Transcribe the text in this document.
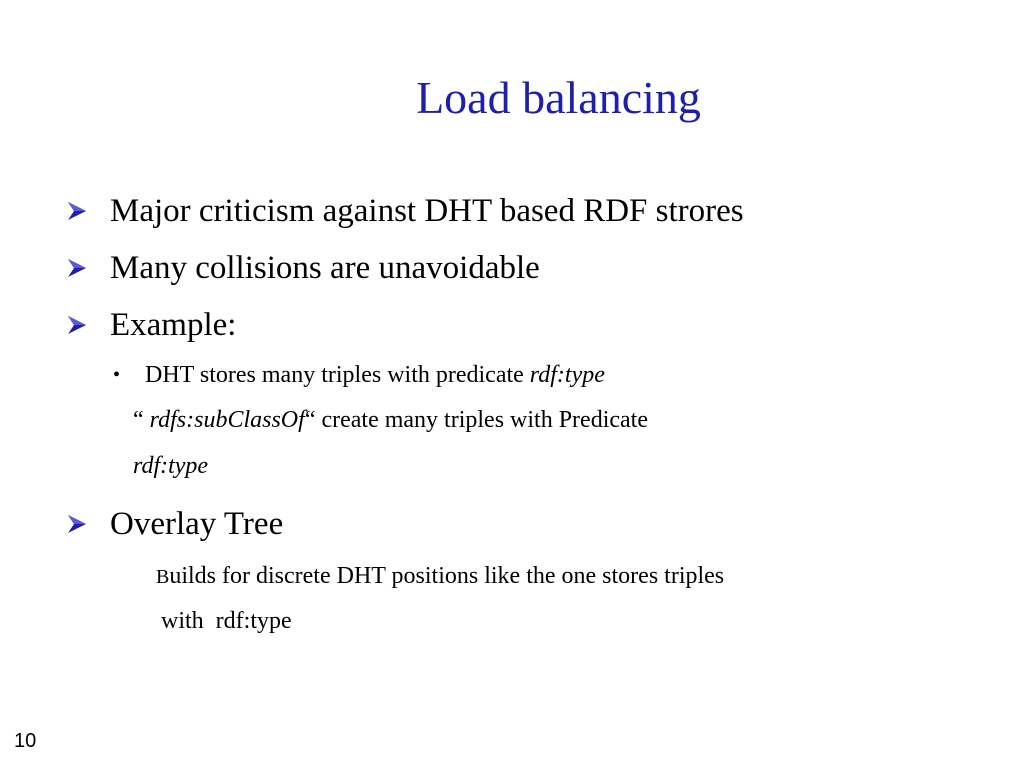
Load balancing
Major criticism against DHT based RDF strores
Many collisions are unavoidable
Example:
• DHT stores many triples with predicate rdf:type
“ rdfs:subClassOf“ create many triples with Predicate
rdf:type
Overlay Tree
Builds for discrete DHT positions like the one stores triples
with  rdf:type
10
